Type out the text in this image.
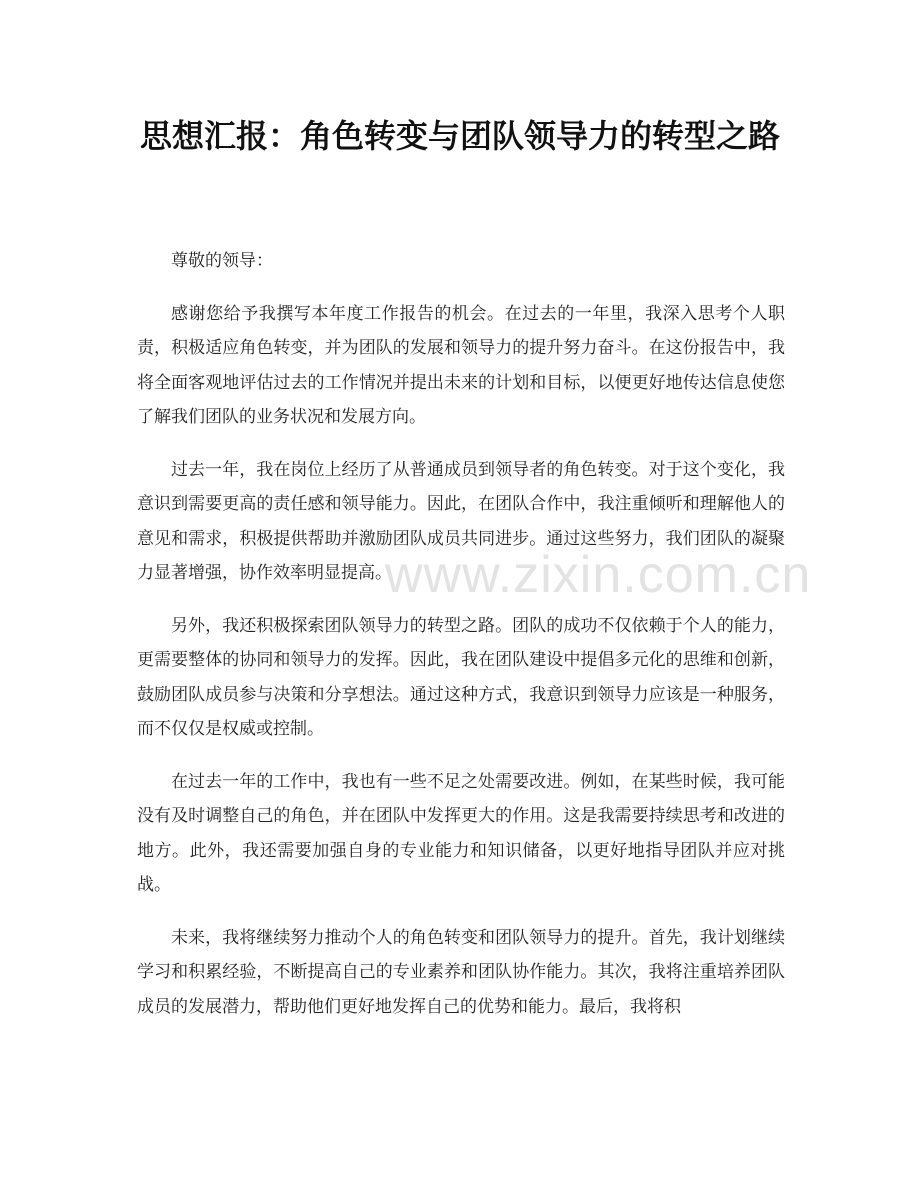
www.zixin.com.cn
思想汇报：角色转变与团队领导力的转型之路

尊敬的领导：

感谢您给予我撰写本年度工作报告的机会。在过去的一年里，我深入思考个人职责，积极适应角色转变，并为团队的发展和领导力的提升努力奋斗。在这份报告中，我将全面客观地评估过去的工作情况并提出未来的计划和目标，以便更好地传达信息使您了解我们团队的业务状况和发展方向。

过去一年，我在岗位上经历了从普通成员到领导者的角色转变。对于这个变化，我意识到需要更高的责任感和领导能力。因此，在团队合作中，我注重倾听和理解他人的意见和需求，积极提供帮助并激励团队成员共同进步。通过这些努力，我们团队的凝聚力显著增强，协作效率明显提高。

另外，我还积极探索团队领导力的转型之路。团队的成功不仅依赖于个人的能力，更需要整体的协同和领导力的发挥。因此，我在团队建设中提倡多元化的思维和创新，鼓励团队成员参与决策和分享想法。通过这种方式，我意识到领导力应该是一种服务，而不仅仅是权威或控制。

在过去一年的工作中，我也有一些不足之处需要改进。例如，在某些时候，我可能没有及时调整自己的角色，并在团队中发挥更大的作用。这是我需要持续思考和改进的地方。此外，我还需要加强自身的专业能力和知识储备，以更好地指导团队并应对挑战。

未来，我将继续努力推动个人的角色转变和团队领导力的提升。首先，我计划继续学习和积累经验，不断提高自己的专业素养和团队协作能力。其次，我将注重培养团队成员的发展潜力，帮助他们更好地发挥自己的优势和能力。最后，我将积
